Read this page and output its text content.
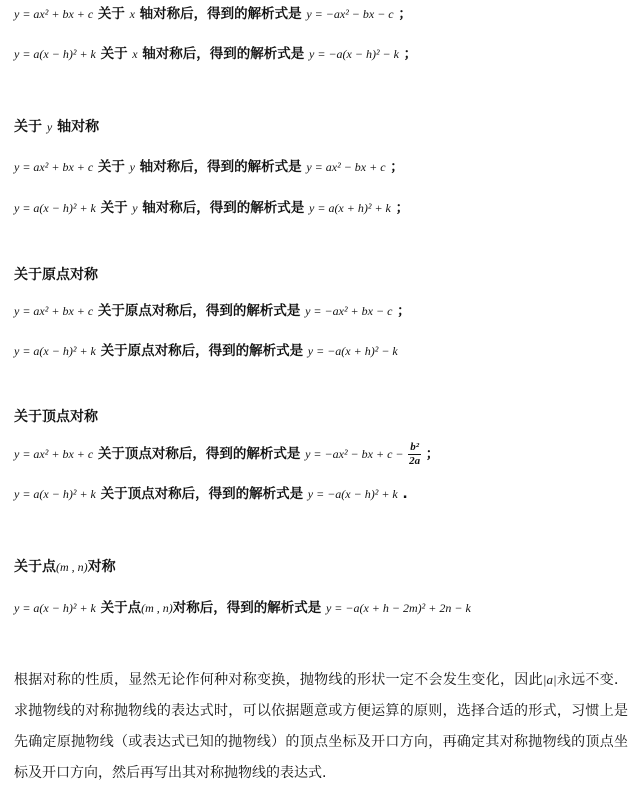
y = ax² + bx + c 关于 x 轴对称后，得到的解析式是 y = −ax² − bx − c ；
y = a(x − h)² + k 关于 x 轴对称后，得到的解析式是 y = −a(x − h)² − k ；
关于 y 轴对称
y = ax² + bx + c 关于 y 轴对称后，得到的解析式是 y = ax² − bx + c ；
y = a(x − h)² + k 关于 y 轴对称后，得到的解析式是 y = a(x + h)² + k ；
关于原点对称
y = ax² + bx + c 关于原点对称后，得到的解析式是 y = −ax² + bx − c ；
y = a(x − h)² + k 关于原点对称后，得到的解析式是 y = −a(x + h)² − k
关于顶点对称
y = ax² + bx + c 关于顶点对称后，得到的解析式是 y = −ax² − bx + $c - \frac{\text{b²}}{2a}$ ；
y = a(x − h)² + k 关于顶点对称后，得到的解析式是 y = −a(x − h)² + k .
关于点(m , n)对称
y = a(x − h)² + k 关于点(m , n)对称后，得到的解析式是 y = −a(x + h − 2m)² + 2n − k
根据对称的性质，显然无论作何种对称变换，抛物线的形状一定不会发生变化，因此|a|永远不变．求抛物线的对称抛物线的表达式时，可以依据题意或方便运算的原则，选择合适的形式，习惯上是先确定原抛物线（或表达式已知的抛物线）的顶点坐标及开口方向，再确定其对称抛物线的顶点坐标及开口方向，然后再写出其对称抛物线的表达式.
